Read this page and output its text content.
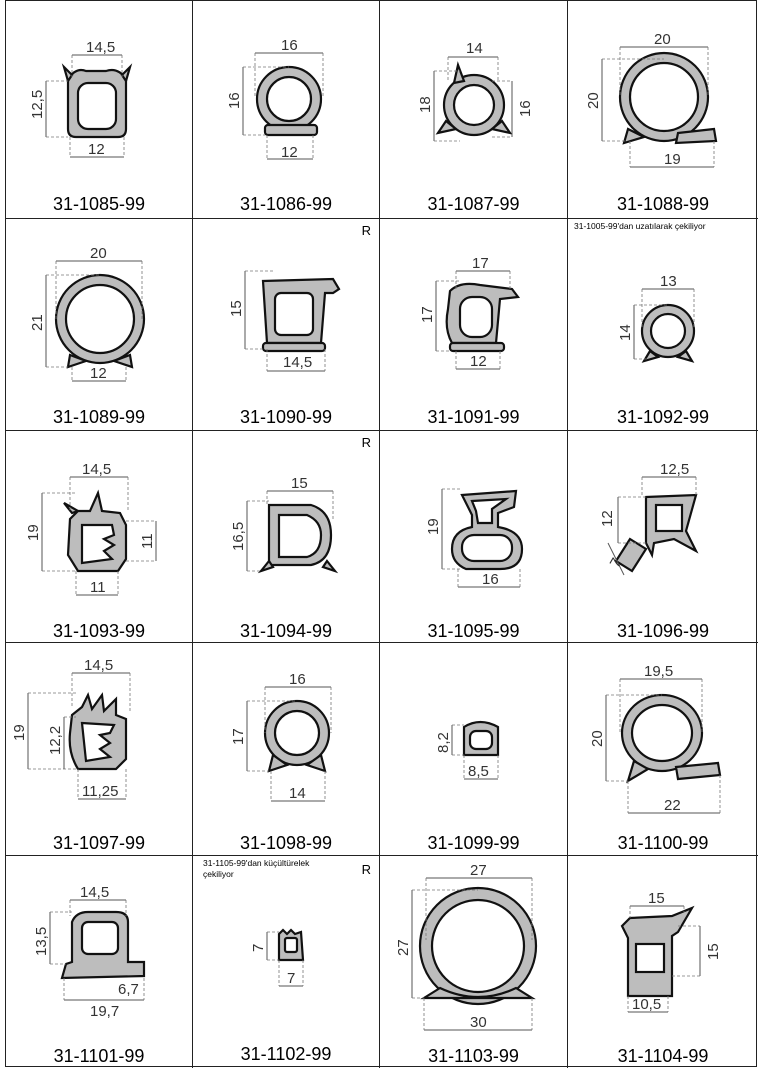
14,5
12,5
12
31-1085-99
16
16
12
31-1086-99
14
18	16
31-1087-99
20
20
19
31-1088-99
20
21
12
31-1089-99
R
15
14,5
31-1090-99
17
17
12
31-1091-99
31-1005-99'dan uzatılarak çekiliyor
13
14
31-1092-99
14,5
19
11
11
31-1093-99
R
15
16,5
31-1094-99
19
16
31-1095-99
12,5
12
7
31-1096-99
14,5
19 12,2
11,25
31-1097-99
16
17
14
31-1098-99
8,2
8,5
31-1099-99
19,5
20
22
31-1100-99
14,5
13,5
6,7
19,7
31-1101-99
R
31-1105-99'dan küçültürelek çekiliyor
7
7
31-1102-99
27
27
30
31-1103-99
15
15
10,5
31-1104-99
